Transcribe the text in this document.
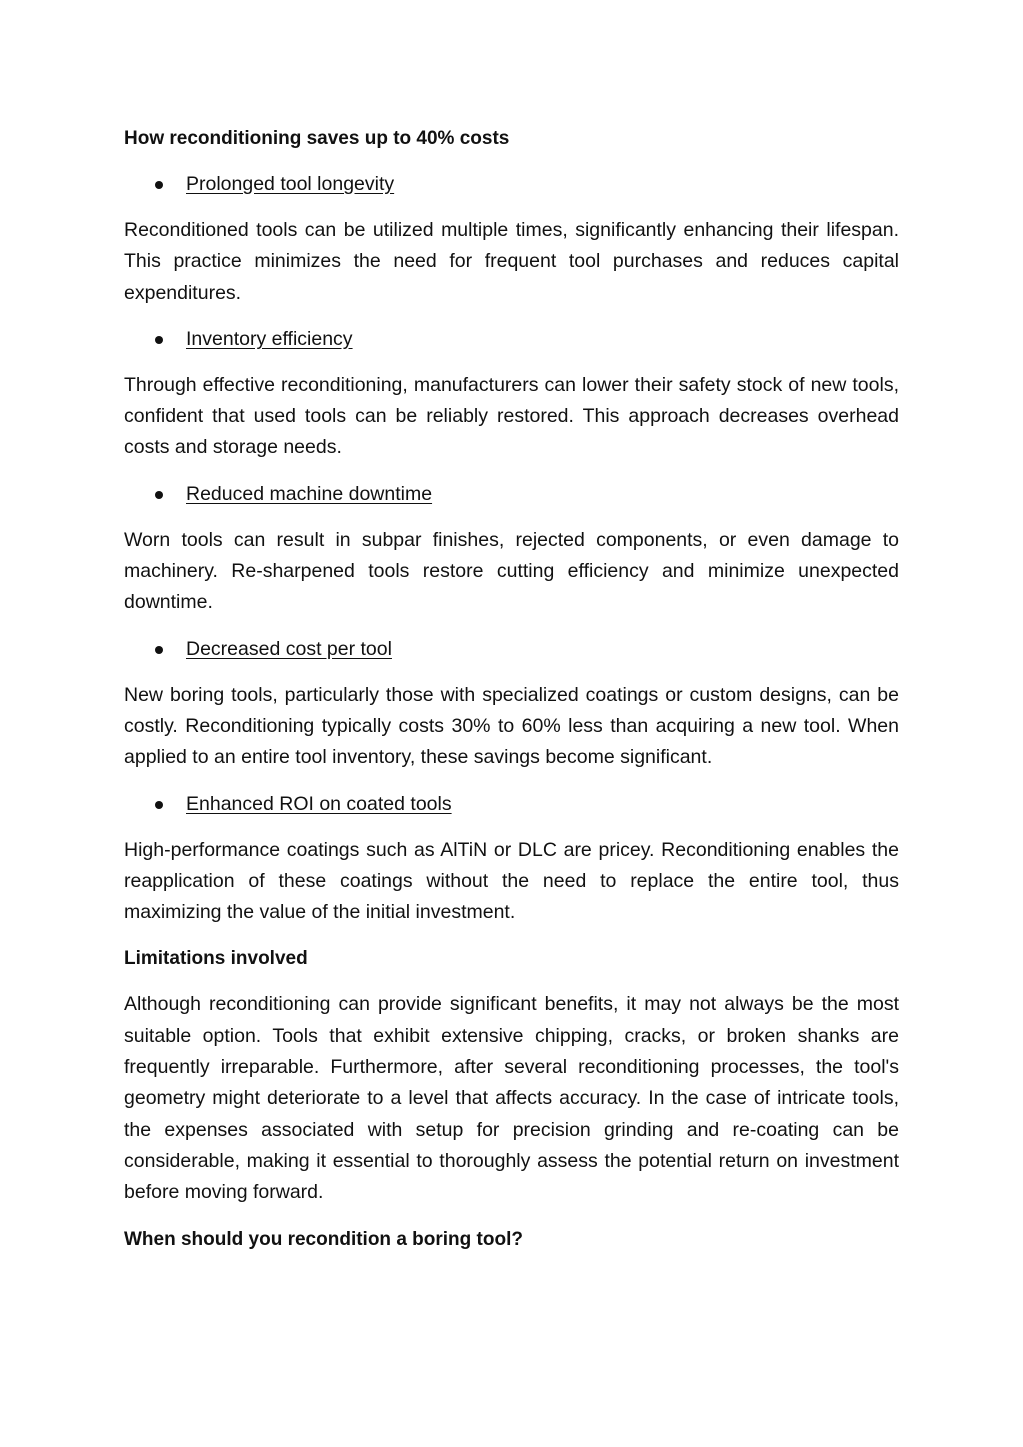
How reconditioning saves up to 40% costs
Prolonged tool longevity

Reconditioned tools can be utilized multiple times, significantly enhancing their lifespan. This practice minimizes the need for frequent tool purchases and reduces capital expenditures.

Inventory efficiency

Through effective reconditioning, manufacturers can lower their safety stock of new tools, confident that used tools can be reliably restored. This approach decreases overhead costs and storage needs.

Reduced machine downtime

Worn tools can result in subpar finishes, rejected components, or even damage to machinery. Re-sharpened tools restore cutting efficiency and minimize unexpected downtime.

Decreased cost per tool

New boring tools, particularly those with specialized coatings or custom designs, can be costly. Reconditioning typically costs 30% to 60% less than acquiring a new tool. When applied to an entire tool inventory, these savings become significant.

Enhanced ROI on coated tools

High-performance coatings such as AlTiN or DLC are pricey. Reconditioning enables the reapplication of these coatings without the need to replace the entire tool, thus maximizing the value of the initial investment.

Limitations involved

Although reconditioning can provide significant benefits, it may not always be the most suitable option. Tools that exhibit extensive chipping, cracks, or broken shanks are frequently irreparable. Furthermore, after several reconditioning processes, the tool's geometry might deteriorate to a level that affects accuracy. In the case of intricate tools, the expenses associated with setup for precision grinding and re-coating can be considerable, making it essential to thoroughly assess the potential return on investment before moving forward.

When should you recondition a boring tool?
